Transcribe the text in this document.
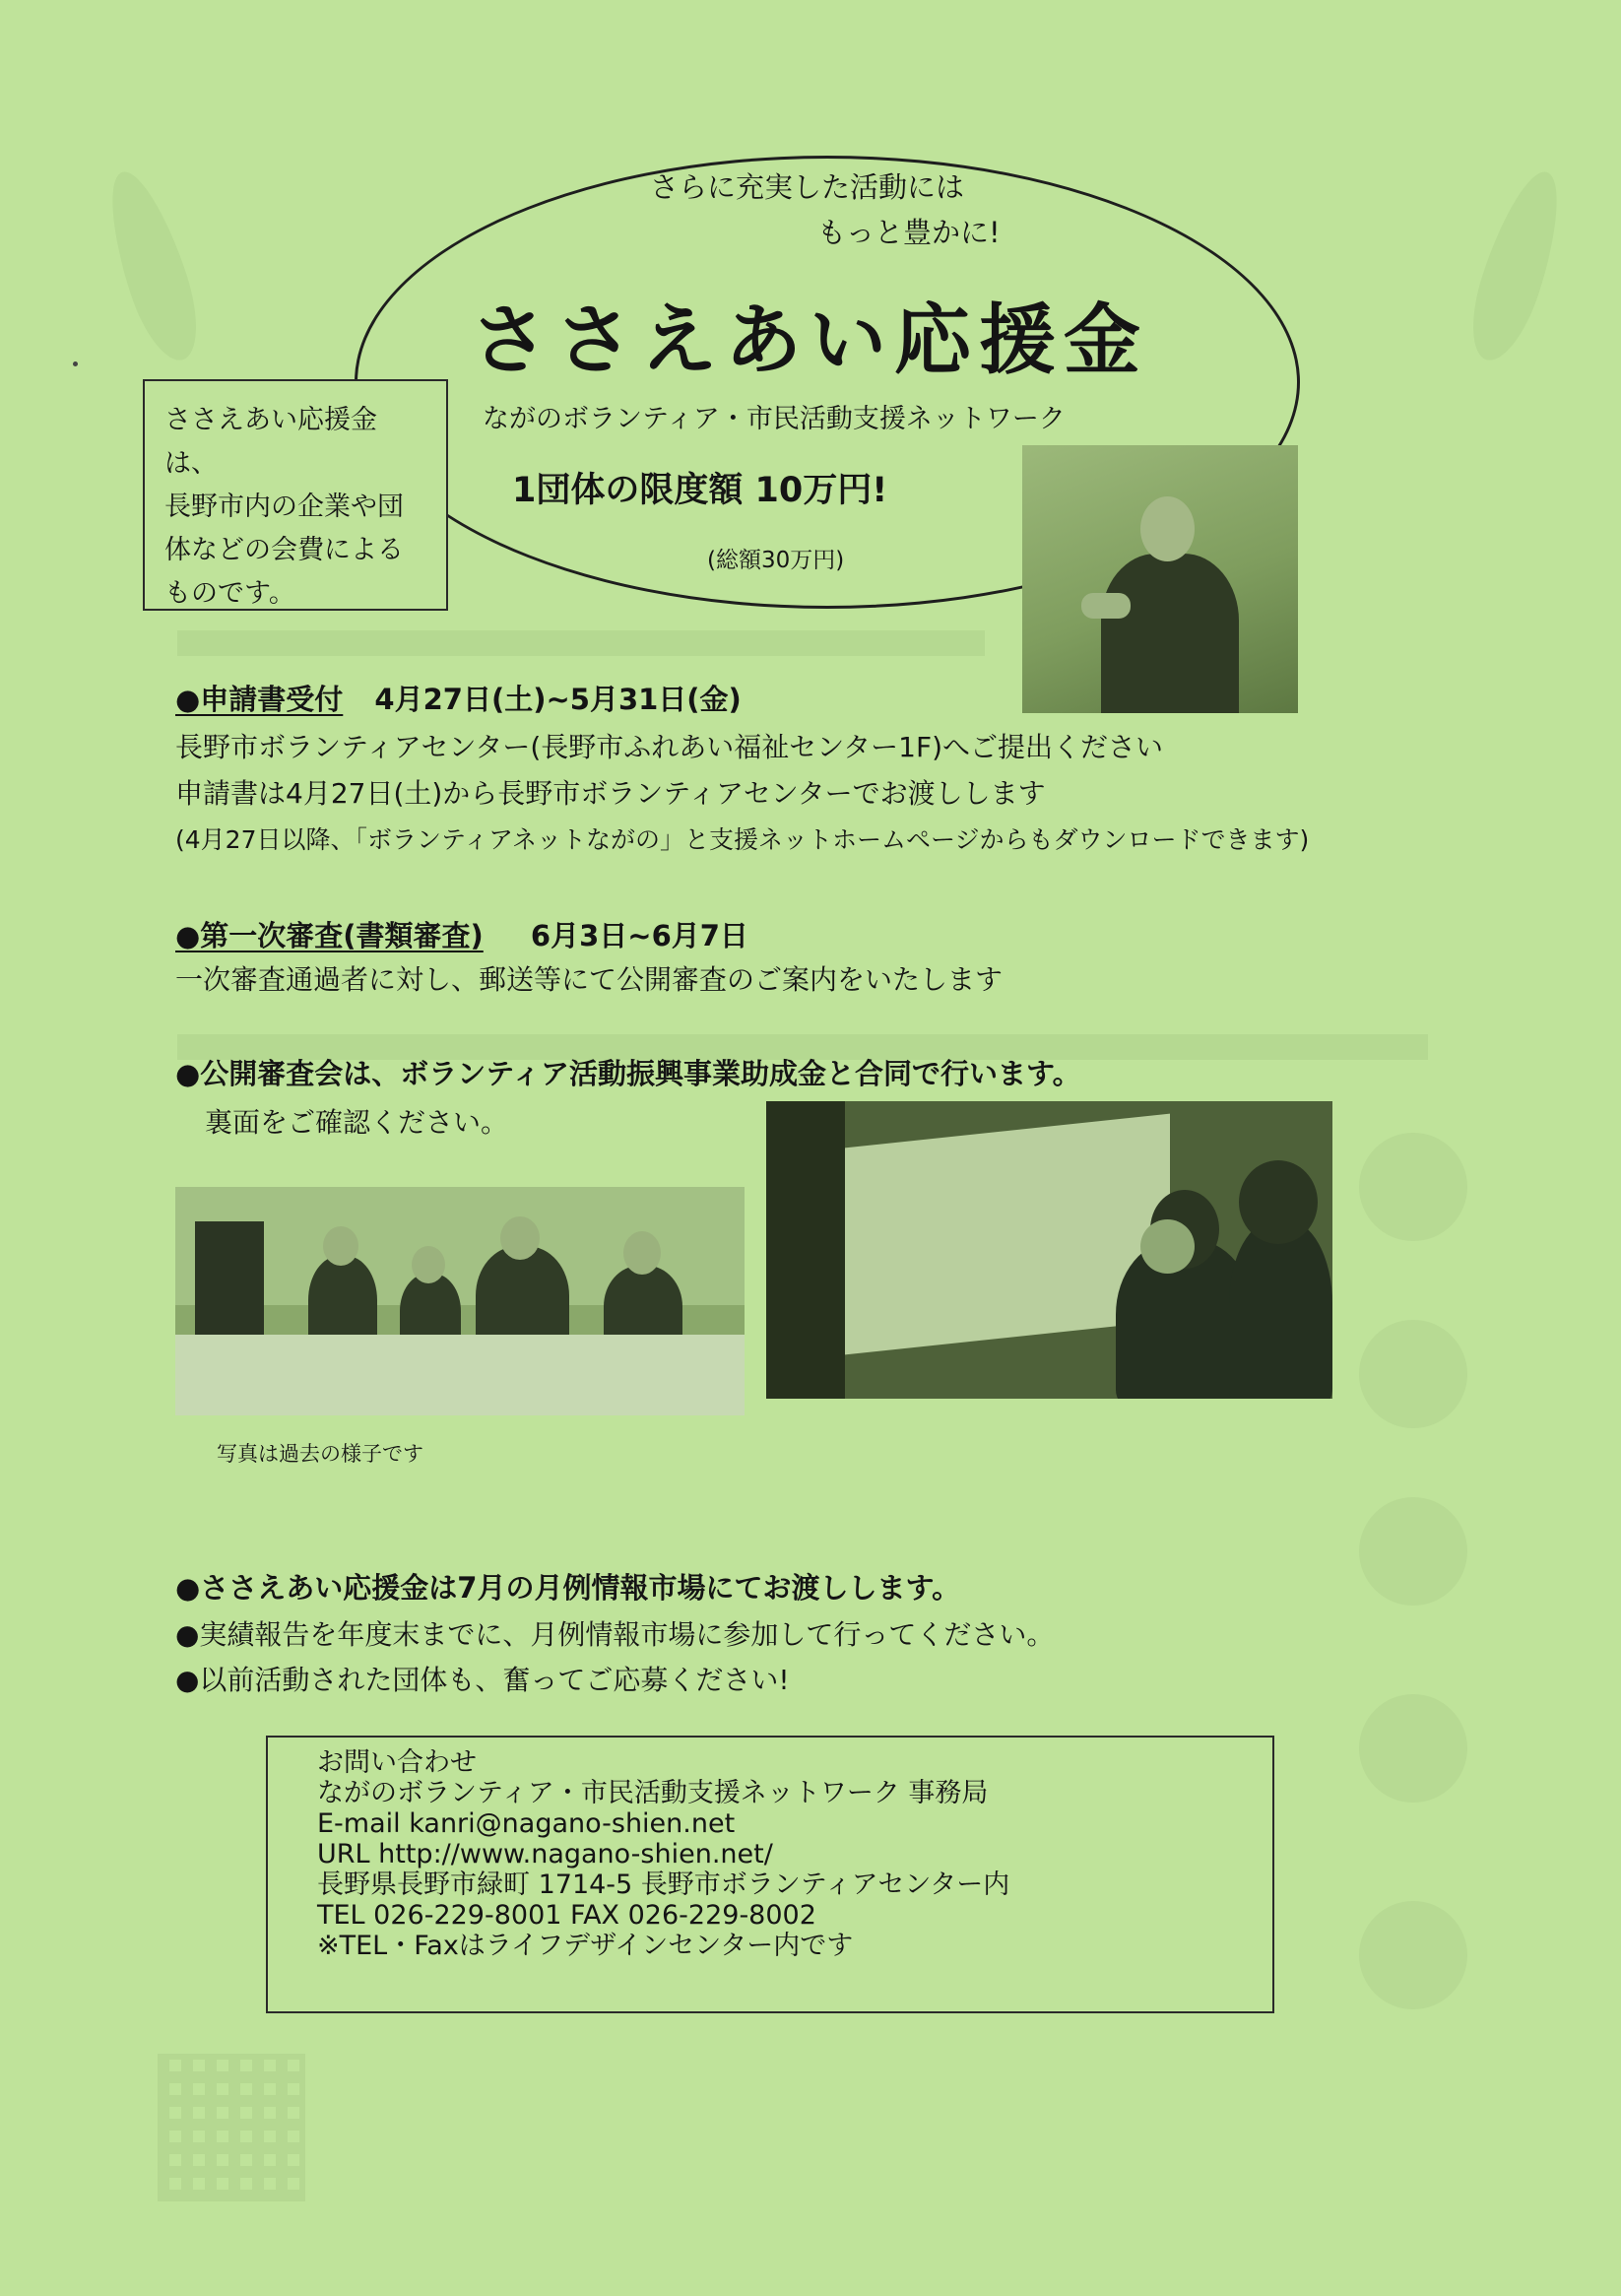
さらに充実した活動には
もっと豊かに!
ささえあい応援金
ながのボランティア・市民活動支援ネットワーク
1団体の限度額 10万円!
(総額30万円)
ささえあい応援金は、
長野市内の企業や団
体などの会費による
ものです。
●申請書受付 4月27日(土)~5月31日(金)
長野市ボランティアセンター(長野市ふれあい福祉センター1F)へご提出ください
申請書は4月27日(土)から長野市ボランティアセンターでお渡しします
(4月27日以降、「ボランティアネットながの」と支援ネットホームページからもダウンロードできます)
●第一次審査(書類審査) 6月3日~6月7日
一次審査通過者に対し、郵送等にて公開審査のご案内をいたします
●公開審査会は、ボランティア活動振興事業助成金と合同で行います。
裏面をご確認ください。
写真は過去の様子です
●ささえあい応援金は7月の月例情報市場にてお渡しします。
●実績報告を年度末までに、月例情報市場に参加して行ってください。
●以前活動された団体も、奮ってご応募ください!
お問い合わせ
ながのボランティア・市民活動支援ネットワーク 事務局
E-mail kanri@nagano-shien.net
URL http://www.nagano-shien.net/
長野県長野市緑町 1714-5 長野市ボランティアセンター内
TEL 026-229-8001 FAX 026-229-8002
※TEL・Faxはライフデザインセンター内です
